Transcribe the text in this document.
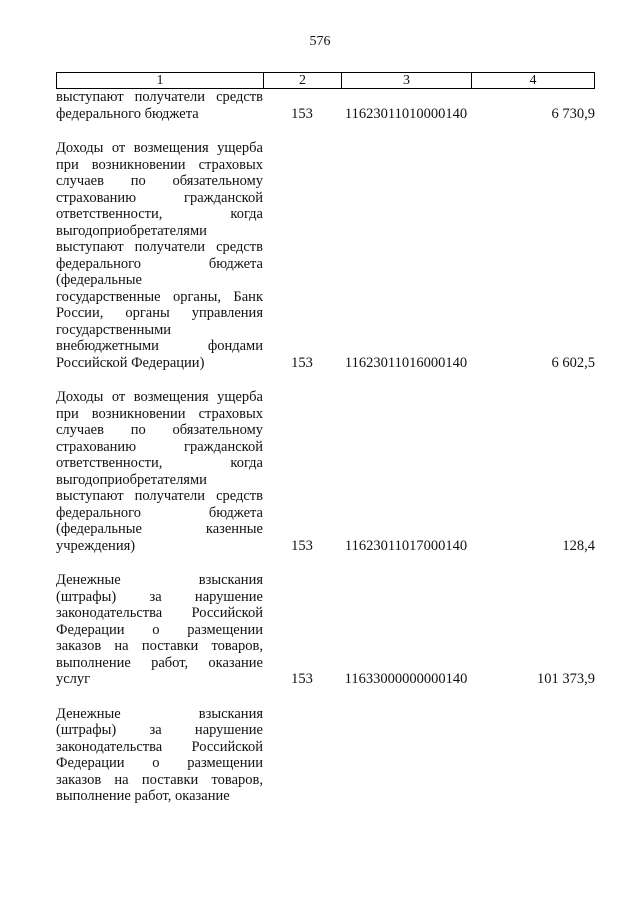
576
1	2	3	4
выступают получатели средств
федерального бюджета	153	11623011010000140	6 730,9
Доходы от возмещения ущерба
при возникновении страховых
случаев по обязательному
страхованию гражданской
ответственности, когда
выгодоприобретателями
выступают получатели средств
федерального бюджета
(федеральные
государственные органы, Банк
России, органы управления
государственными
внебюджетными фондами
Российской Федерации)	153	11623011016000140	6 602,5
Доходы от возмещения ущерба
при возникновении страховых
случаев по обязательному
страхованию гражданской
ответственности, когда
выгодоприобретателями
выступают получатели средств
федерального бюджета
(федеральные казенные
учреждения)	153	11623011017000140	128,4
Денежные взыскания
(штрафы) за нарушение
законодательства Российской
Федерации о размещении
заказов на поставки товаров,
выполнение работ, оказание
услуг	153	11633000000000140	101 373,9
Денежные взыскания
(штрафы) за нарушение
законодательства Российской
Федерации о размещении
заказов на поставки товаров,
выполнение работ, оказание
